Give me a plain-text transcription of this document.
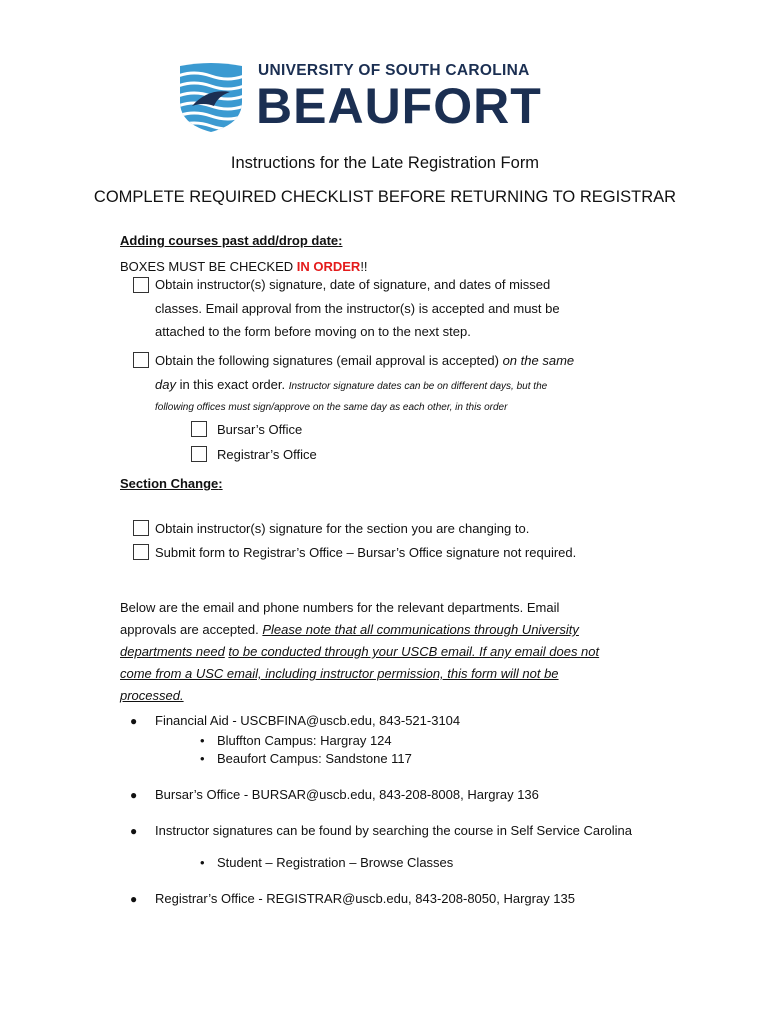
UNIVERSITY OF SOUTH CAROLINA
BEAUFORT
Instructions for the Late Registration Form
COMPLETE REQUIRED CHECKLIST BEFORE RETURNING TO REGISTRAR
Adding courses past add/drop date:
BOXES MUST BE CHECKED IN ORDER!!
Obtain instructor(s) signature, date of signature, and dates of missed
classes. Email approval from the instructor(s) is accepted and must be
attached to the form before moving on to the next step.
Obtain the following signatures (email approval is accepted) on the same
day in this exact order. Instructor signature dates can be on different days, but the
following offices must sign/approve on the same day as each other, in this order
Bursar’s Office
Registrar’s Office
Section Change:
Obtain instructor(s) signature for the section you are changing to.
Submit form to Registrar’s Office – Bursar’s Office signature not required.
Below are the email and phone numbers for the relevant departments. Email
approvals are accepted. Please note that all communications through University
departments need to be conducted through your USCB email. If any email does not
come from a USC email, including instructor permission, this form will not be
processed.
● Financial Aid - USCBFINA@uscb.edu, 843-521-3104
• Bluffton Campus: Hargray 124
• Beaufort Campus: Sandstone 117
● Bursar’s Office - BURSAR@uscb.edu, 843-208-8008, Hargray 136
● Instructor signatures can be found by searching the course in Self Service Carolina
• Student – Registration – Browse Classes
● Registrar’s Office - REGISTRAR@uscb.edu, 843-208-8050, Hargray 135
